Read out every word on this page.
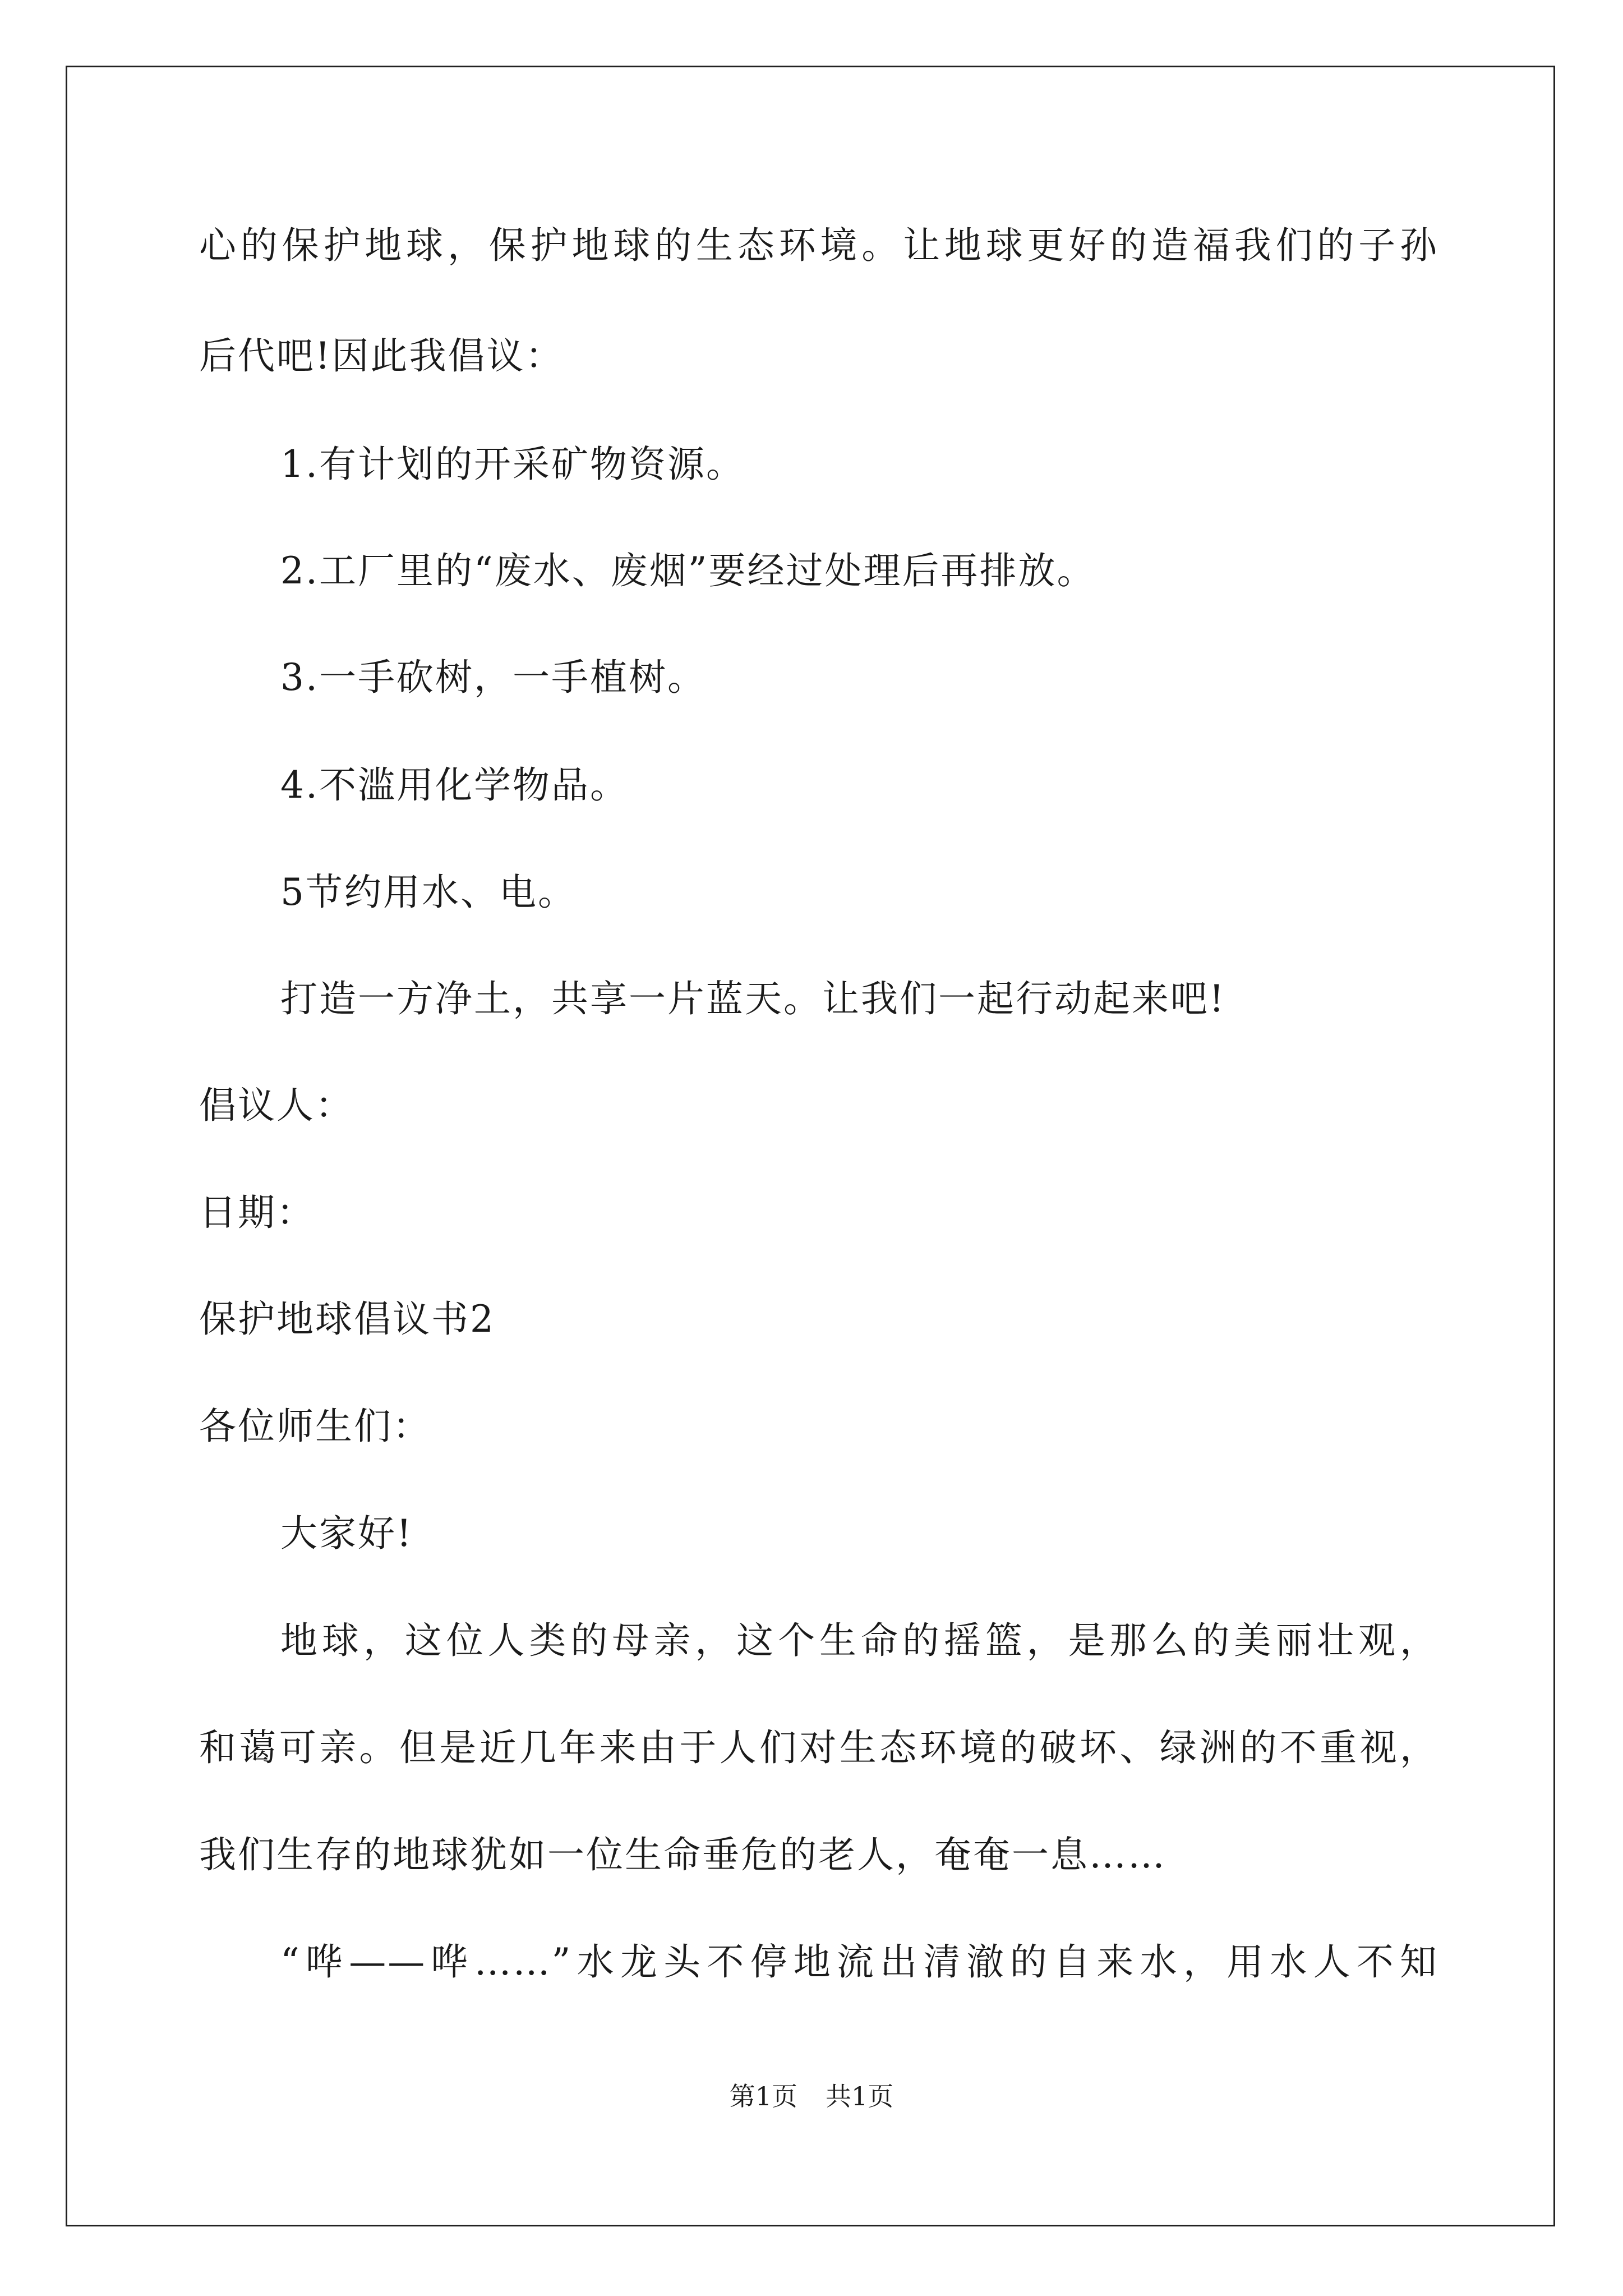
心的保护地球，保护地球的生态环境。让地球更好的造福我们的子孙
后代吧!因此我倡议：
1.有计划的开采矿物资源。
2.工厂里的“废水、废烟”要经过处理后再排放。
3.一手砍树，一手植树。
4.不滥用化学物品。
5节约用水、电。
打造一方净土，共享一片蓝天。让我们一起行动起来吧!
倡议人：
日期：
保护地球倡议书2
各位师生们：
大家好!
地球，这位人类的母亲，这个生命的摇篮，是那么的美丽壮观，
和蔼可亲。但是近几年来由于人们对生态环境的破坏、绿洲的不重视，
我们生存的地球犹如一位生命垂危的老人，奄奄一息……
“哗——哗……”水龙头不停地流出清澈的自来水，用水人不知
第1页 共1页
